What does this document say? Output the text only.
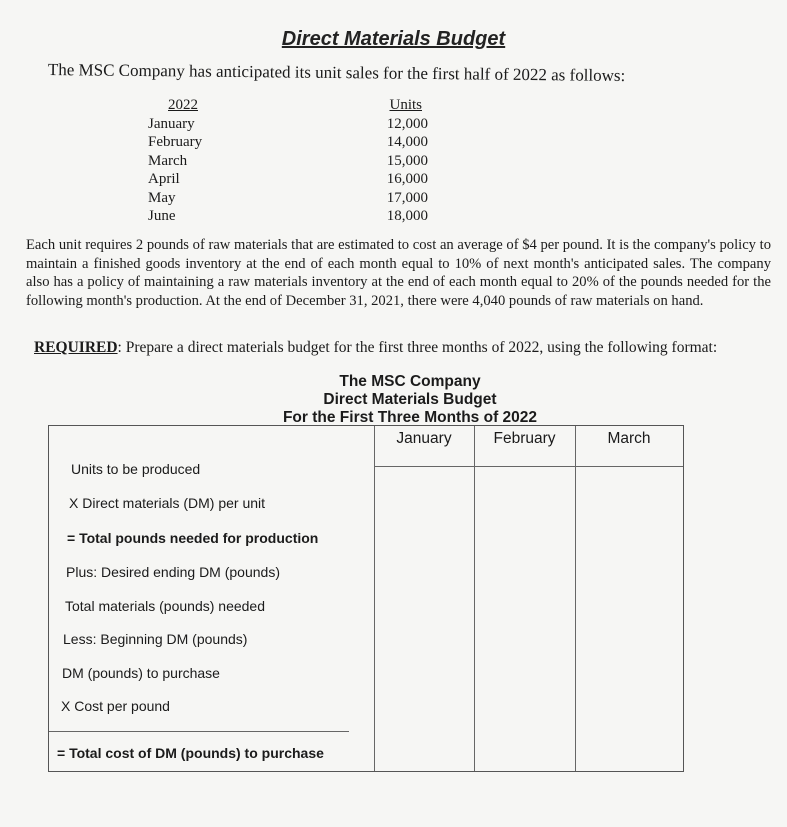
Direct Materials Budget
The MSC Company has anticipated its unit sales for the first half of 2022 as follows:
2022	Units
January	12,000
February	14,000
March	15,000
April	16,000
May	17,000
June	18,000
Each unit requires 2 pounds of raw materials that are estimated to cost an average of $4 per pound. It is the company's policy to maintain a finished goods inventory at the end of each month equal to 10% of next month's anticipated sales. The company also has a policy of maintaining a raw materials inventory at the end of each month equal to 20% of the pounds needed for the following month's production. At the end of December 31, 2021, there were 4,040 pounds of raw materials on hand.
REQUIRED: Prepare a direct materials budget for the first three months of 2022, using the following format:
The MSC Company
Direct Materials Budget
For the First Three Months of 2022
January	February	March
Units to be produced
X Direct materials (DM) per unit
= Total pounds needed for production
Plus: Desired ending DM (pounds)
Total materials (pounds) needed
Less: Beginning DM (pounds)
DM (pounds) to purchase
X Cost per pound
= Total cost of DM (pounds) to purchase
